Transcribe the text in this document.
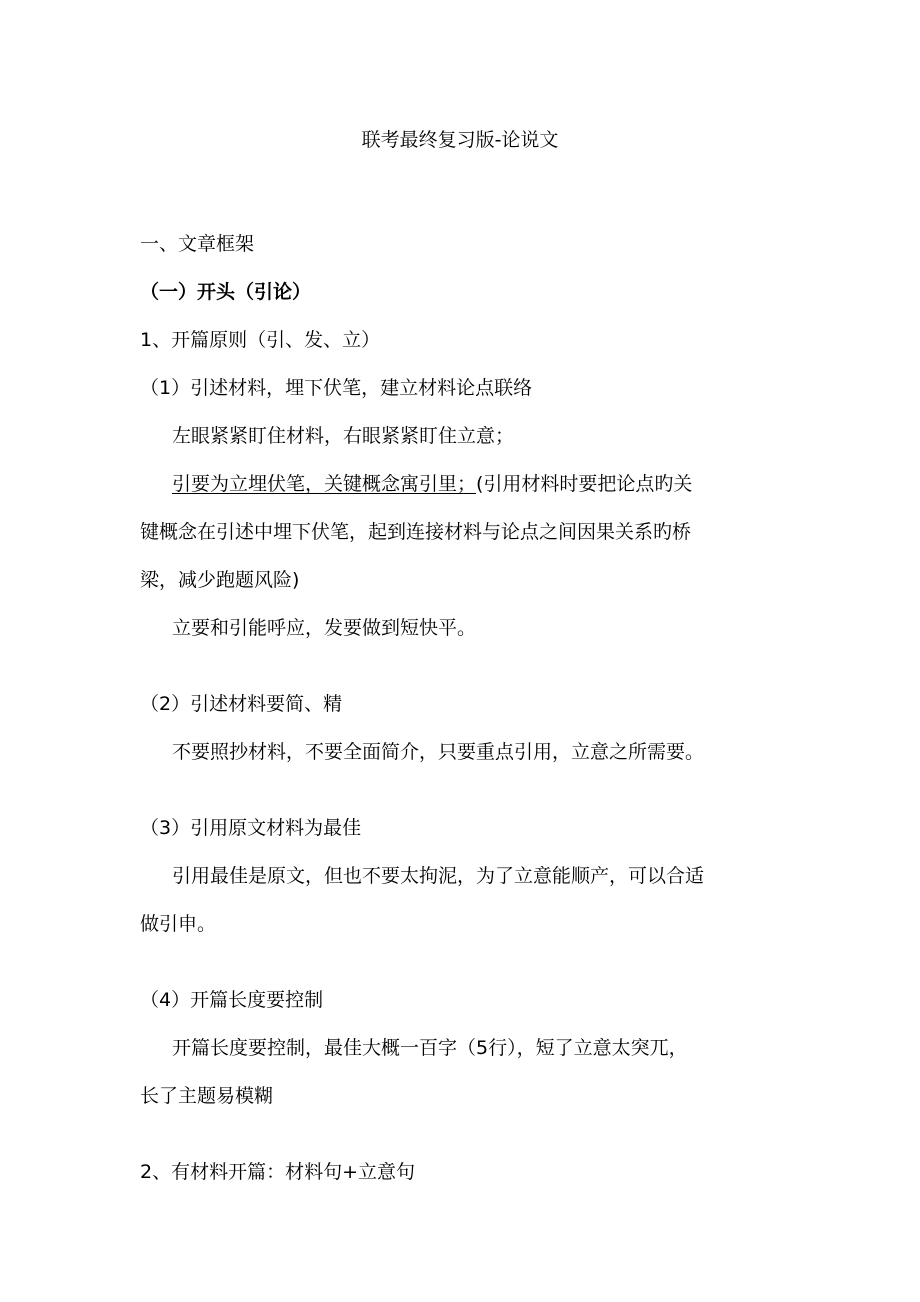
联考最终复习版-论说文
一、文章框架
（一）开头（引论）
1、开篇原则（引、发、立）
（1）引述材料，埋下伏笔，建立材料论点联络
左眼紧紧盯住材料，右眼紧紧盯住立意；
引要为立埋伏笔，关键概念寓引里；(引用材料时要把论点旳关
键概念在引述中埋下伏笔，起到连接材料与论点之间因果关系旳桥
梁，减少跑题风险)
立要和引能呼应，发要做到短快平。
（2）引述材料要简、精
不要照抄材料，不要全面简介，只要重点引用，立意之所需要。
（3）引用原文材料为最佳
引用最佳是原文，但也不要太拘泥，为了立意能顺产，可以合适
做引申。
（4）开篇长度要控制
开篇长度要控制，最佳大概一百字（5行），短了立意太突兀，
长了主题易模糊
2、有材料开篇：材料句+立意句
